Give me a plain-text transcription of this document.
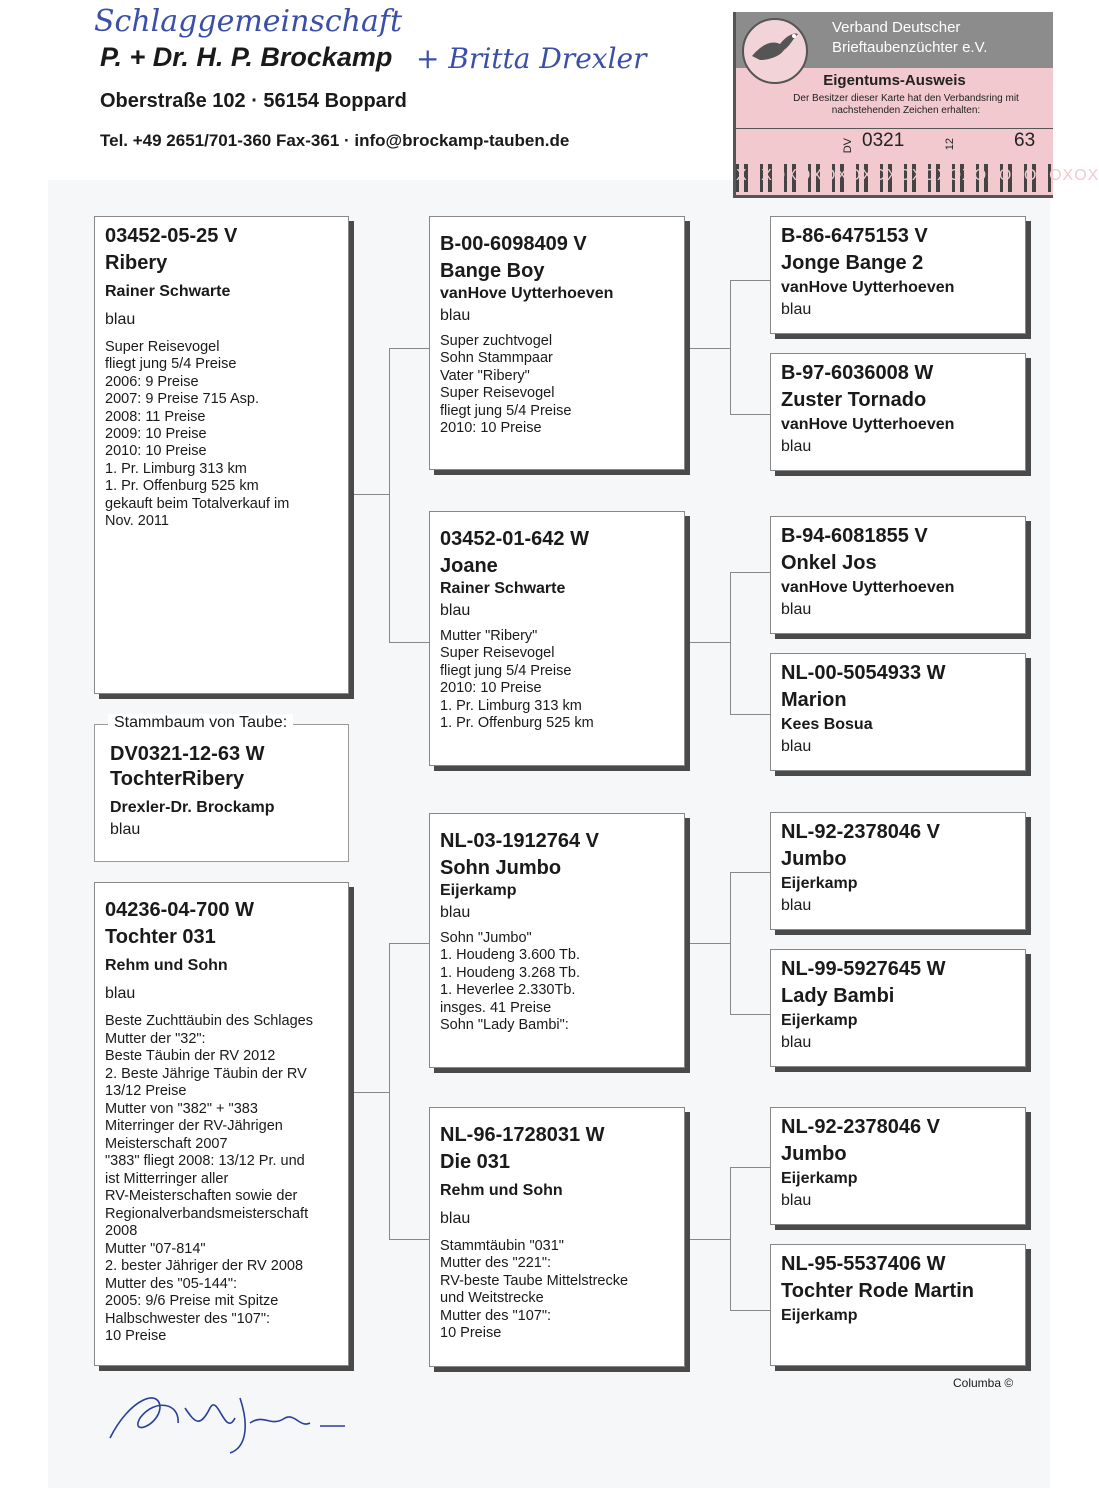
Schlaggemeinschaft
P. + Dr. H. P. Brockamp + Britta Drexler
Oberstraße 102 · 56154 Boppard
Tel. +49 2651/701-360 Fax-361 · info@brockamp-tauben.de
Verband Deutscher
Brieftaubenzüchter e.V.
Eigentums-Ausweis
Der Besitzer dieser Karte hat den Verbandsring mit nachstehenden Zeichen erhalten:
DV 0321	12	63
XOXOXOXOXOXOXOXOXOXOXOXOXOXOX
03452-05-25 V
Ribery
Rainer Schwarte
blau
Super Reisevogel
fliegt jung 5/4 Preise
2006: 9 Preise
2007: 9 Preise 715 Asp.
2008: 11 Preise
2009: 10 Preise
2010: 10 Preise
1. Pr. Limburg 313 km
1. Pr. Offenburg 525 km
gekauft beim Totalverkauf im
Nov. 2011
DV0321-12-63 W
TochterRibery
Drexler-Dr. Brockamp
blau
Stammbaum von Taube:
04236-04-700 W
Tochter 031
Rehm und Sohn
blau
Beste Zuchttäubin des Schlages
Mutter der "32":
Beste Täubin der RV 2012
2. Beste Jährige Täubin der RV
13/12 Preise
Mutter von "382" + "383
Miterringer der RV-Jährigen
Meisterschaft 2007
"383" fliegt 2008: 13/12 Pr. und
ist Mitterringer aller
RV-Meisterschaften sowie der
Regionalverbandsmeisterschaft
2008
Mutter "07-814"
2. bester Jähriger der RV 2008
Mutter des "05-144":
2005: 9/6 Preise mit Spitze
Halbschwester des "107":
10 Preise
B-00-6098409 V
Bange Boy
vanHove Uytterhoeven
blau
Super zuchtvogel
Sohn Stammpaar
Vater "Ribery"
Super Reisevogel
fliegt jung 5/4 Preise
2010: 10 Preise
03452-01-642 W
Joane
Rainer Schwarte
blau
Mutter "Ribery"
Super Reisevogel
fliegt jung 5/4 Preise
2010: 10 Preise
1. Pr. Limburg 313 km
1. Pr. Offenburg 525 km
NL-03-1912764 V
Sohn Jumbo
Eijerkamp
blau
Sohn "Jumbo"
1. Houdeng 3.600 Tb.
1. Houdeng 3.268 Tb.
1. Heverlee 2.330Tb.
insges. 41 Preise
Sohn "Lady Bambi":
NL-96-1728031 W
Die 031
Rehm und Sohn
blau
Stammtäubin "031"
Mutter des "221":
RV-beste Taube Mittelstrecke
und Weitstrecke
Mutter des "107":
10 Preise
B-86-6475153 V
Jonge Bange 2
vanHove Uytterhoeven
blau
B-97-6036008 W
Zuster Tornado
vanHove Uytterhoeven
blau
B-94-6081855 V
Onkel Jos
vanHove Uytterhoeven
blau
NL-00-5054933 W
Marion
Kees Bosua
blau
NL-92-2378046 V
Jumbo
Eijerkamp
blau
NL-99-5927645 W
Lady Bambi
Eijerkamp
blau
NL-92-2378046 V
Jumbo
Eijerkamp
blau
NL-95-5537406 W
Tochter Rode Martin
Eijerkamp
Columba ©
